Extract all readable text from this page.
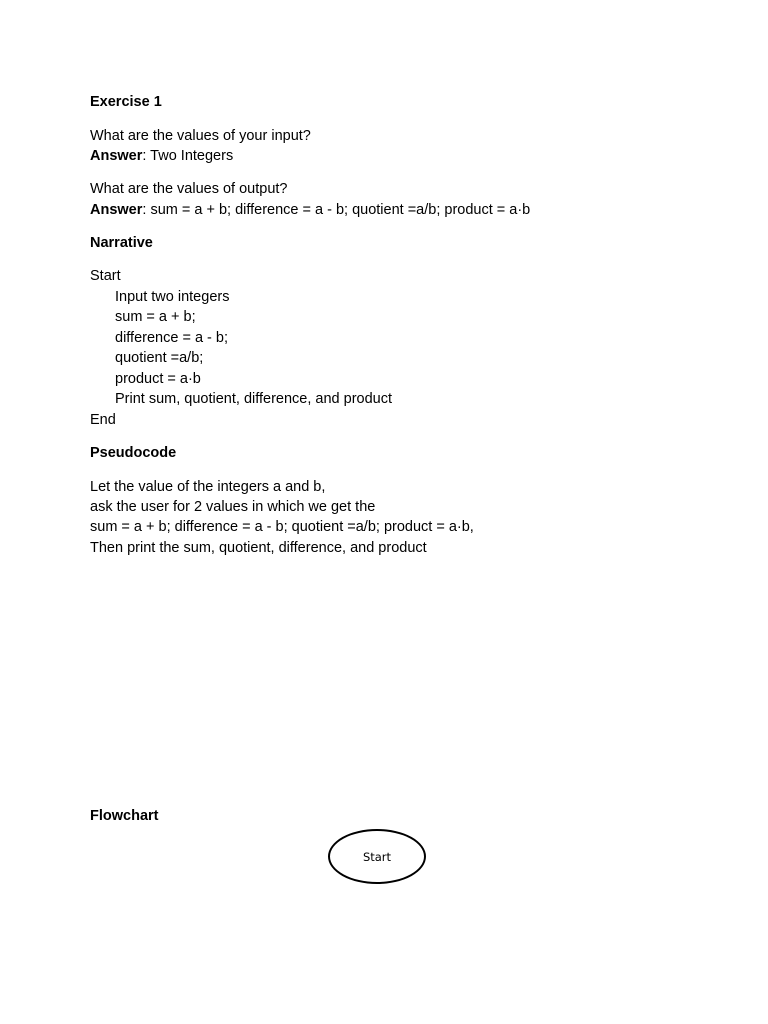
Exercise 1
What are the values of your input?
Answer: Two Integers
What are the values of output?
Answer: sum = a + b; difference = a - b; quotient =a/b; product = a·b
Narrative
Start
Input two integers
sum = a + b;
difference = a - b;
quotient =a/b;
product = a·b
Print sum, quotient, difference, and product
End
Pseudocode
Let the value of the integers a and b,
ask the user for 2 values in which we get the
sum = a + b; difference = a - b; quotient =a/b; product = a·b,
Then print the sum, quotient, difference, and product
Flowchart
Start
